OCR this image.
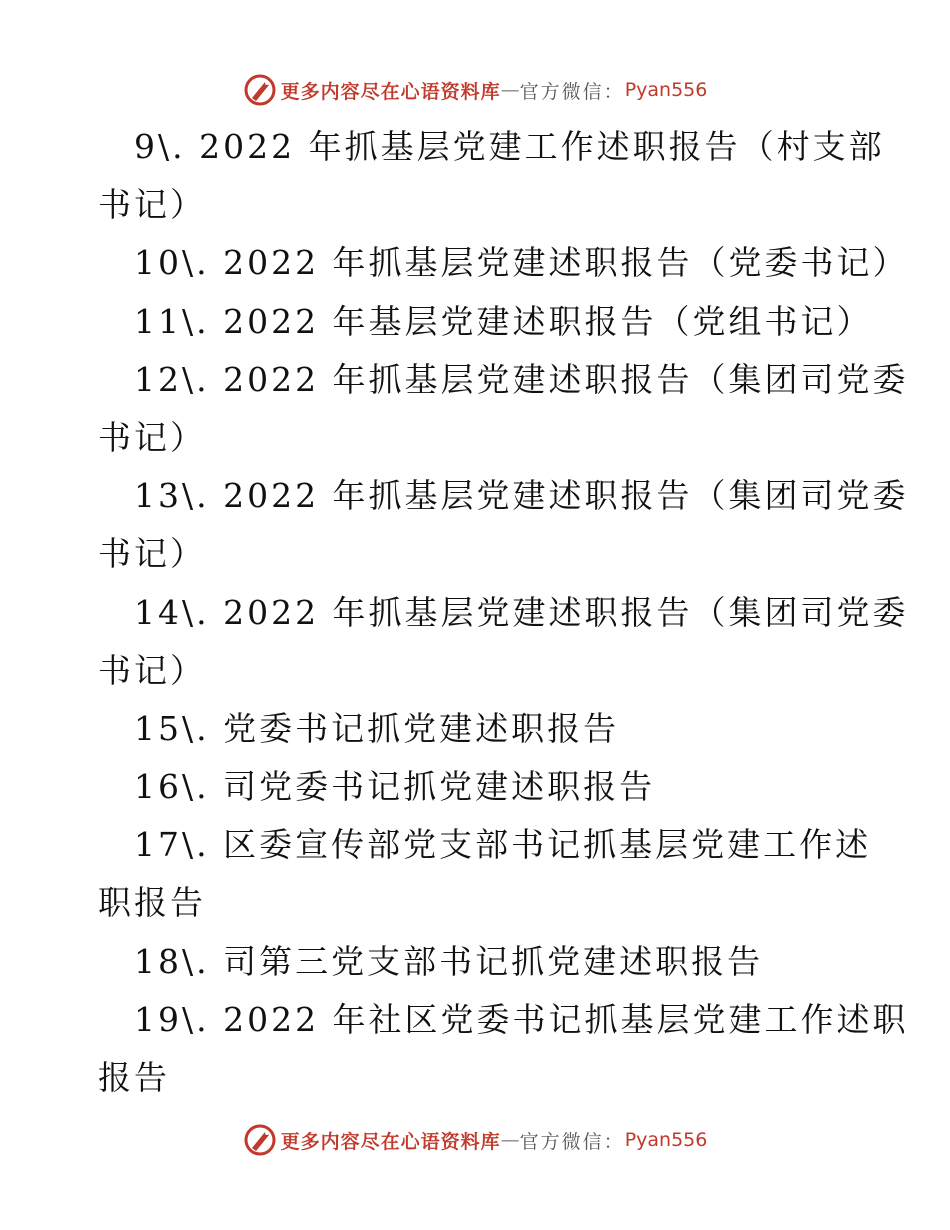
更多内容尽在心语资料库 — 官方微信： Pyan556
9\. 2022 年抓基层党建工作述职报告（村支部
书记）
10\. 2022 年抓基层党建述职报告（党委书记）
11\. 2022 年基层党建述职报告（党组书记）
12\. 2022 年抓基层党建述职报告（集团司党委
书记）
13\. 2022 年抓基层党建述职报告（集团司党委
书记）
14\. 2022 年抓基层党建述职报告（集团司党委
书记）
15\. 党委书记抓党建述职报告
16\. 司党委书记抓党建述职报告
17\. 区委宣传部党支部书记抓基层党建工作述
职报告
18\. 司第三党支部书记抓党建述职报告
19\. 2022 年社区党委书记抓基层党建工作述职
报告
更多内容尽在心语资料库 — 官方微信： Pyan556
